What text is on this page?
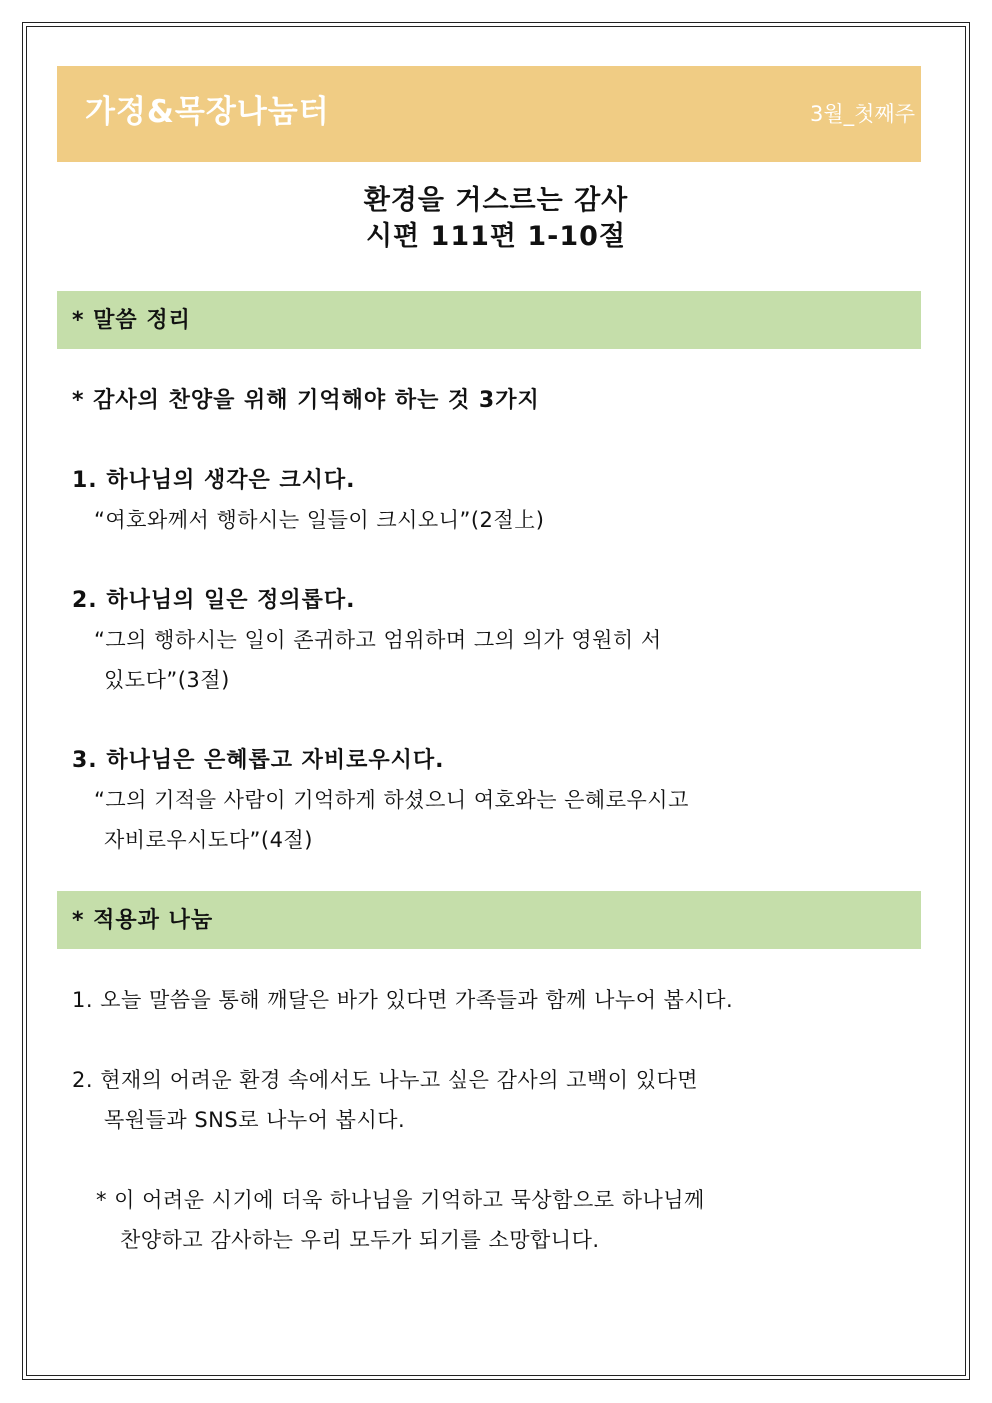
가정&목장나눔터	3월_첫째주
환경을 거스르는 감사
시편 111편 1-10절
* 말씀 정리
* 감사의 찬양을 위해 기억해야 하는 것 3가지
1. 하나님의 생각은 크시다.
“여호와께서 행하시는 일들이 크시오니”(2절上)
2. 하나님의 일은 정의롭다.
“그의 행하시는 일이 존귀하고 엄위하며 그의 의가 영원히 서
있도다”(3절)
3. 하나님은 은혜롭고 자비로우시다.
“그의 기적을 사람이 기억하게 하셨으니 여호와는 은혜로우시고
자비로우시도다”(4절)
* 적용과 나눔
1. 오늘 말씀을 통해 깨달은 바가 있다면 가족들과 함께 나누어 봅시다.
2. 현재의 어려운 환경 속에서도 나누고 싶은 감사의 고백이 있다면
목원들과 SNS로 나누어 봅시다.
* 이 어려운 시기에 더욱 하나님을 기억하고 묵상함으로 하나님께
찬양하고 감사하는 우리 모두가 되기를 소망합니다.
